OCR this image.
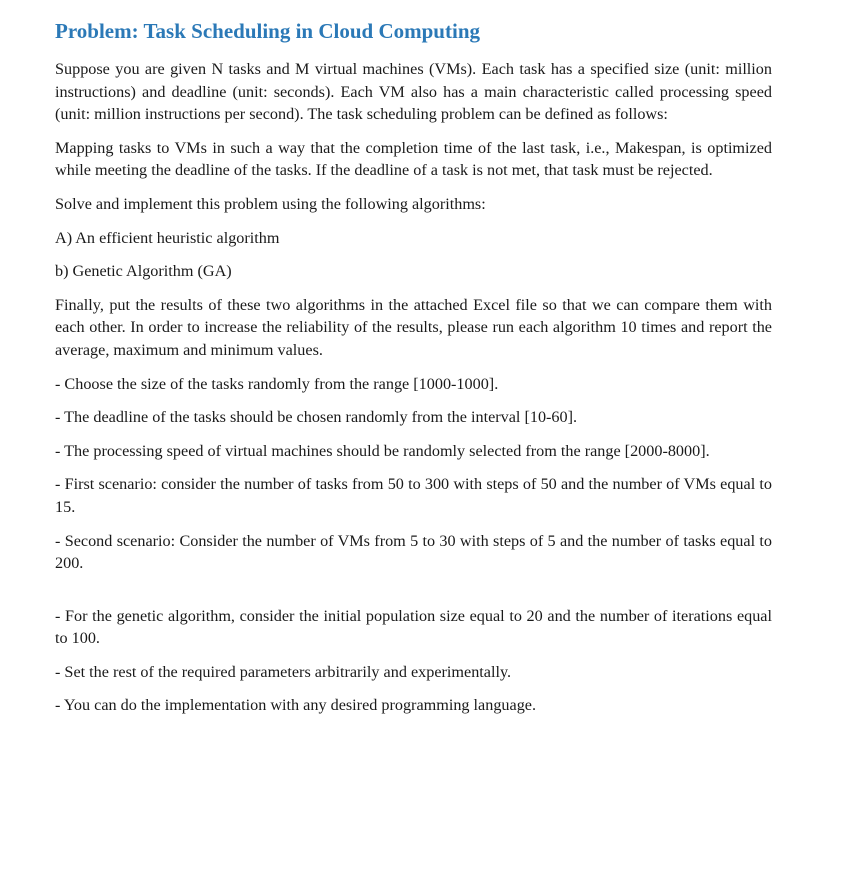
Problem: Task Scheduling in Cloud Computing

Suppose you are given N tasks and M virtual machines (VMs). Each task has a specified size (unit: million instructions) and deadline (unit: seconds). Each VM also has a main characteristic called processing speed (unit: million instructions per second). The task scheduling problem can be defined as follows:

Mapping tasks to VMs in such a way that the completion time of the last task, i.e., Makespan, is optimized while meeting the deadline of the tasks. If the deadline of a task is not met, that task must be rejected.

Solve and implement this problem using the following algorithms:

A) An efficient heuristic algorithm

b) Genetic Algorithm (GA)

Finally, put the results of these two algorithms in the attached Excel file so that we can compare them with each other. In order to increase the reliability of the results, please run each algorithm 10 times and report the average, maximum and minimum values.

- Choose the size of the tasks randomly from the range [1000-1000].

- The deadline of the tasks should be chosen randomly from the interval [10-60].

- The processing speed of virtual machines should be randomly selected from the range [2000-8000].

- First scenario: consider the number of tasks from 50 to 300 with steps of 50 and the number of VMs equal to 15.

- Second scenario: Consider the number of VMs from 5 to 30 with steps of 5 and the number of tasks equal to 200.

- For the genetic algorithm, consider the initial population size equal to 20 and the number of iterations equal to 100.

- Set the rest of the required parameters arbitrarily and experimentally.

- You can do the implementation with any desired programming language.
